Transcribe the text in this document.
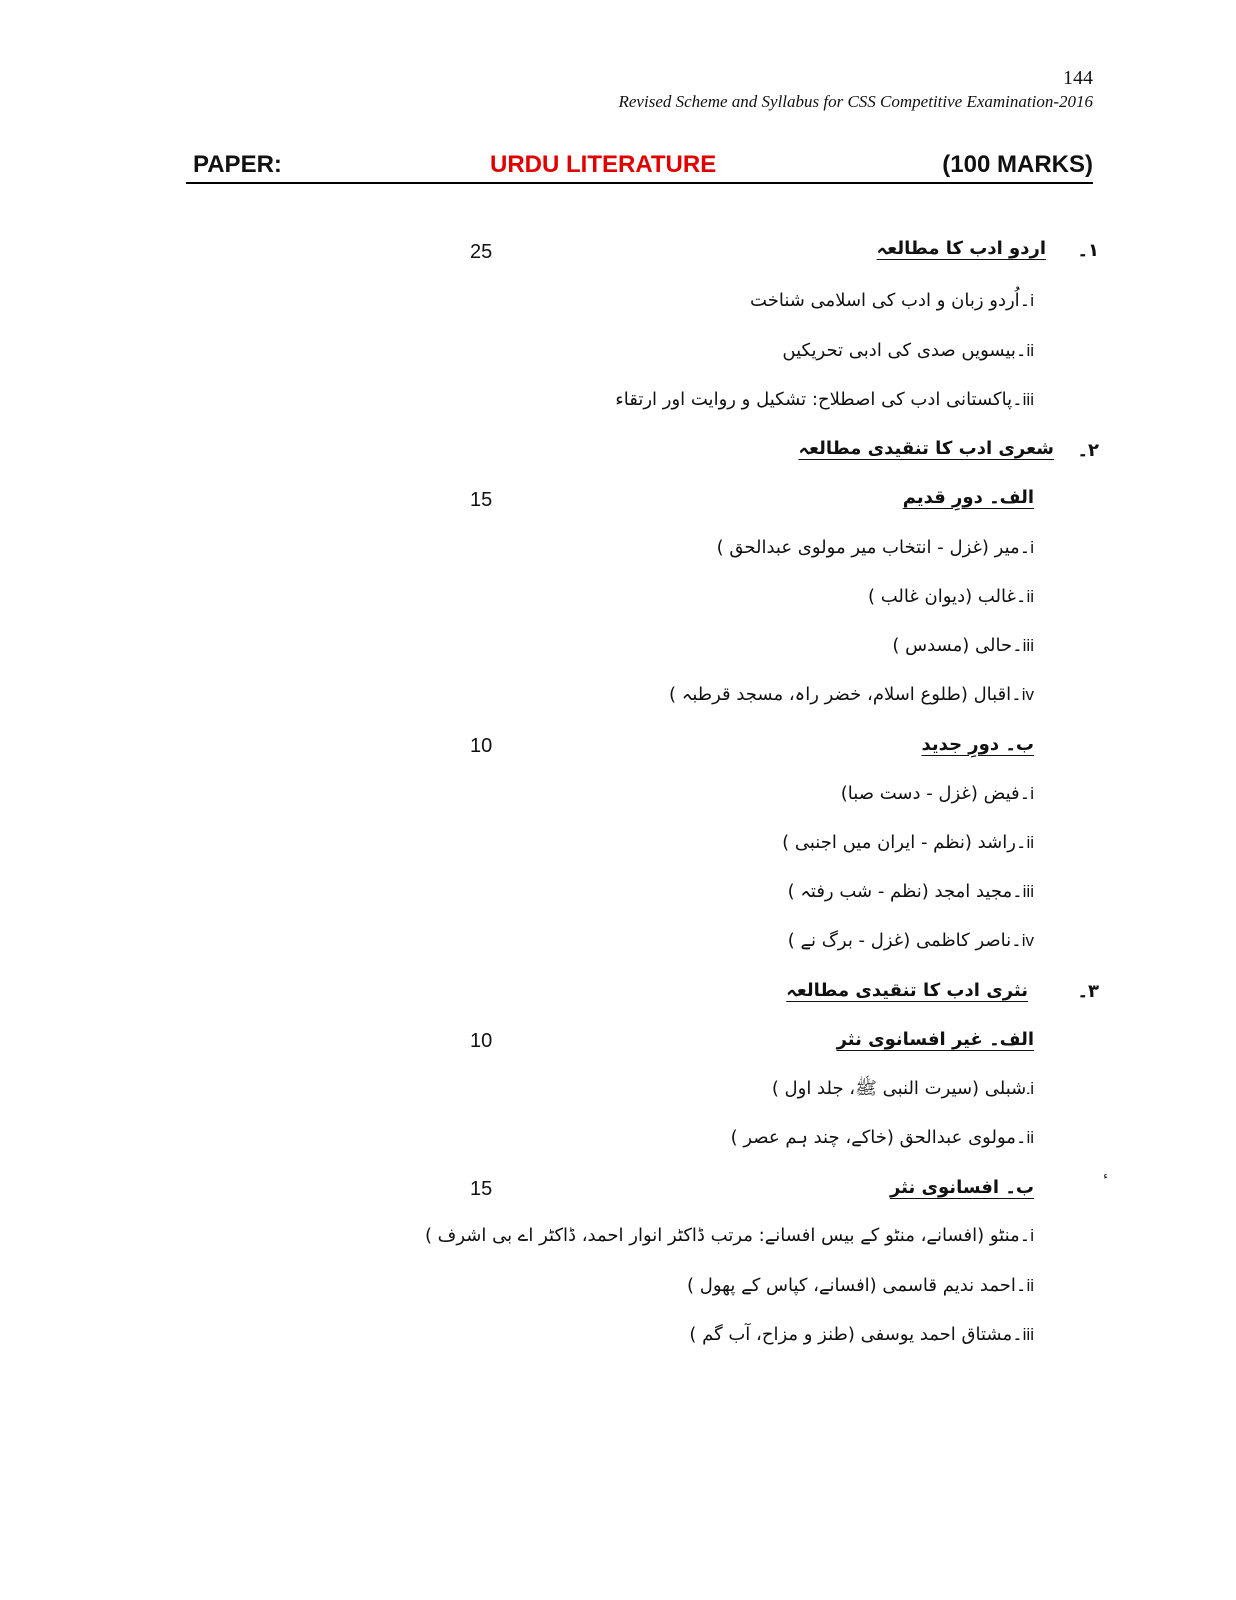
144
Revised Scheme and Syllabus for CSS Competitive Examination-2016
PAPER:	URDU LITERATURE	(100 MARKS)
۱۔
اردو ادب کا مطالعہ
25
i۔اُردو زبان و ادب کی اسلامی شناخت
ii۔بیسویں صدی کی ادبی تحریکیں
iii۔پاکستانی ادب کی اصطلاح: تشکیل و روایت اور ارتقاء
۲۔
شعری ادب کا تنقیدی مطالعہ
الف۔ دورِ قدیم
15
i۔میر (غزل - انتخاب میر مولوی عبدالحق )
ii۔غالب (دیوان غالب )
iii۔حالی (مسدس )
iv۔اقبال (طلوع اسلام، خضر راہ، مسجد قرطبہ )
ب۔ دورِ جدید
10
i۔فیض (غزل - دست صبا)
ii۔راشد (نظم - ایران میں اجنبی )
iii۔مجید امجد (نظم - شب رفتہ )
iv۔ناصر کاظمی (غزل - برگ نے )
۳۔
نثری ادب کا تنقیدی مطالعہ
الف۔ غیر افسانوی نثر
10
i۔شبلی (سیرت النبی ﷺ، جلد اول )
ii۔مولوی عبدالحق (خاکے، چند ہم عصر )
ب۔ افسانوی نثر
15
ء
i۔منٹو (افسانے، منٹو کے بیس افسانے: مرتب ڈاکٹر انوار احمد، ڈاکٹر اے بی اشرف )
ii۔احمد ندیم قاسمی (افسانے، کپاس کے پھول )
iii۔مشتاق احمد یوسفی (طنز و مزاح، آب گم )
